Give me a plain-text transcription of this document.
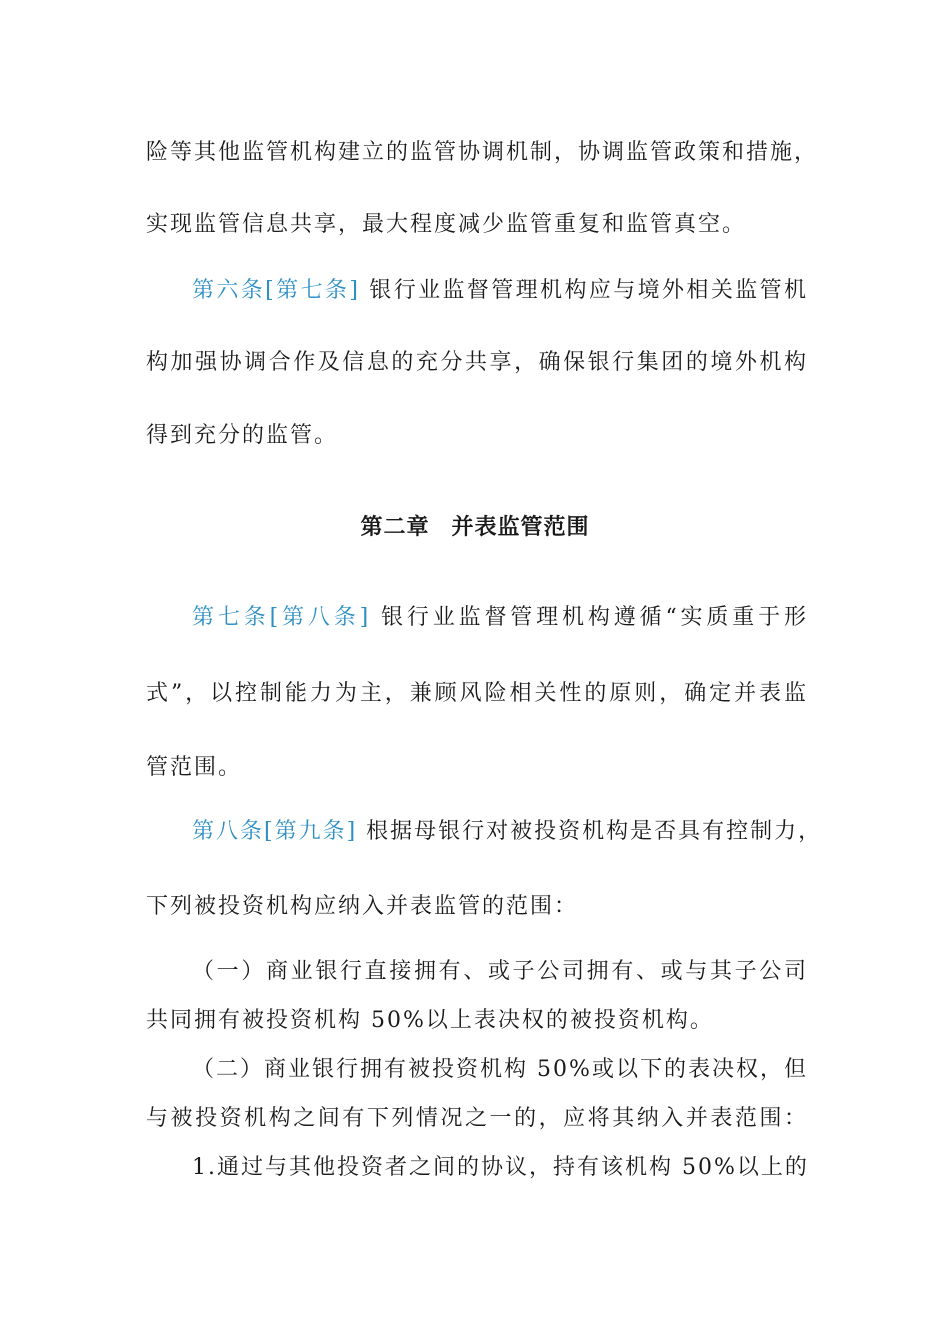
险等其他监管机构建立的监管协调机制，协调监管政策和措施，
实现监管信息共享，最大程度减少监管重复和监管真空。
第六条[第七条] 银行业监督管理机构应与境外相关监管机
构加强协调合作及信息的充分共享，确保银行集团的境外机构
得到充分的监管。
第二章 并表监管范围
第七条[第八条] 银行业监督管理机构遵循“实质重于形
式”，以控制能力为主，兼顾风险相关性的原则，确定并表监
管范围。
第八条[第九条] 根据母银行对被投资机构是否具有控制力，
下列被投资机构应纳入并表监管的范围：
（一）商业银行直接拥有、或子公司拥有、或与其子公司
共同拥有被投资机构 50%以上表决权的被投资机构。
（二）商业银行拥有被投资机构 50%或以下的表决权，但
与被投资机构之间有下列情况之一的，应将其纳入并表范围：
1.通过与其他投资者之间的协议，持有该机构 50%以上的
